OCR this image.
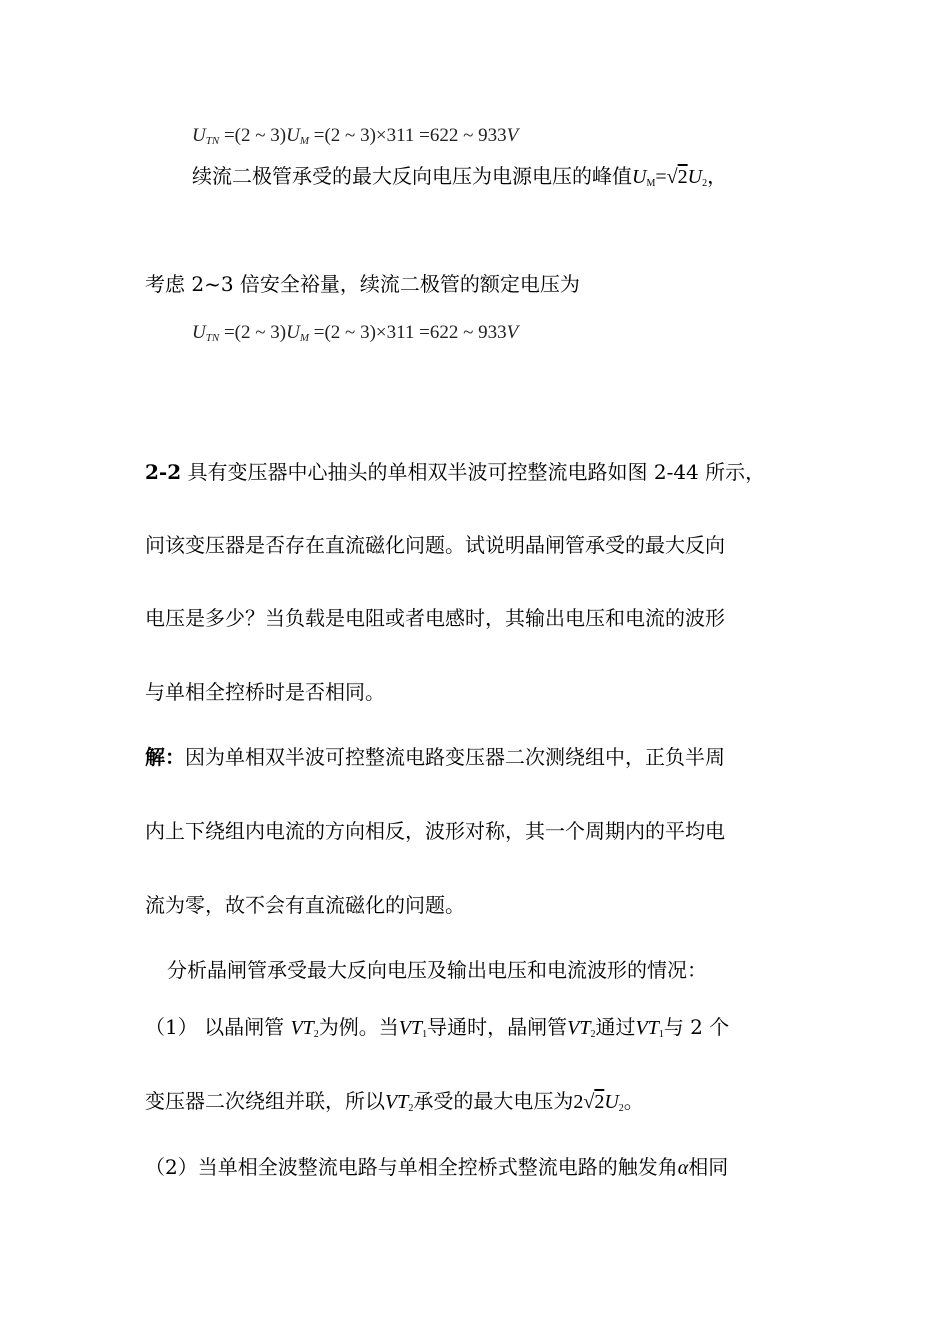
$U_{TN} =(2$ ~ $3)U_M =(2$ ~ 3)×311 =622 ~ 933V
续流二极管承受的最大反向电压为电源电压的峰值$U_M=√2U_2$，
考虑 2~3 倍安全裕量，续流二极管的额定电压为
$U_{TN} =(2$ ~ $3)U_M =(2$ ~ 3)×311 =622 ~ 933V
2-2 具有变压器中心抽头的单相双半波可控整流电路如图 2-44 所示，
问该变压器是否存在直流磁化问题。试说明晶闸管承受的最大反向
电压是多少？当负载是电阻或者电感时，其输出电压和电流的波形
与单相全控桥时是否相同。
解：因为单相双半波可控整流电路变压器二次测绕组中，正负半周
内上下绕组内电流的方向相反，波形对称，其一个周期内的平均电
流为零，故不会有直流磁化的问题。
分析晶闸管承受最大反向电压及输出电压和电流波形的情况：
（1） 以晶闸管 $VT_2$为例。当$VT_1$导通时，晶闸管$VT_2$通过$VT_1$与 2 个
变压器二次绕组并联，所以$VT_2$承受的最大电压为$2√2U_2$。
（2）当单相全波整流电路与单相全控桥式整流电路的触发角α相同
